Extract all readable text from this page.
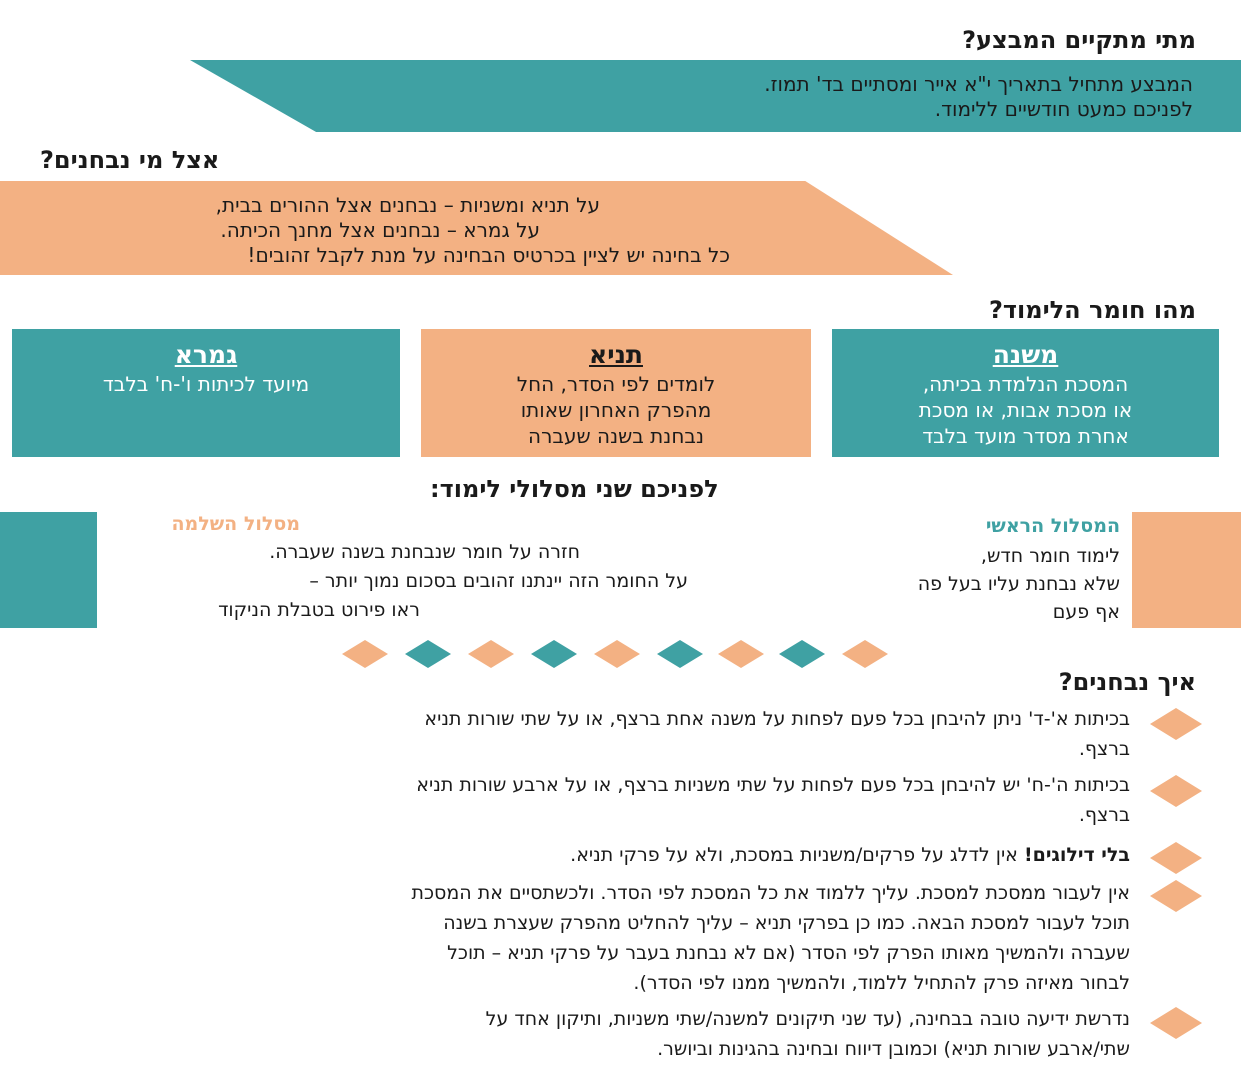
מתי מתקיים המבצע?
המבצע מתחיל בתאריך י"א אייר ומסתיים בד' תמוז.
לפניכם כמעט חודשיים ללימוד.
אצל מי נבחנים?
על תניא ומשניות – נבחנים אצל ההורים בבית,
על גמרא – נבחנים אצל מחנך הכיתה.
כל בחינה יש לציין בכרטיס הבחינה על מנת לקבל זהובים!
מהו חומר הלימוד?
משנה
המסכת הנלמדת בכיתה,
או מסכת אבות, או מסכת
אחרת מסדר מועד בלבד
תניא
לומדים לפי הסדר, החל
מהפרק האחרון שאותו
נבחנת בשנה שעברה
גמרא
מיועד לכיתות ו'-ח' בלבד
לפניכם שני מסלולי לימוד:
המסלול הראשי
לימוד חומר חדש,
שלא נבחנת עליו בעל פה
אף פעם
מסלול השלמה
חזרה על חומר שנבחנת בשנה שעברה.
על החומר הזה יינתנו זהובים בסכום נמוך יותר –
ראו פירוט בטבלת הניקוד
איך נבחנים?
בכיתות א'-ד' ניתן להיבחן בכל פעם לפחות על משנה אחת ברצף, או על שתי שורות תניא
ברצף.
בכיתות ה'-ח' יש להיבחן בכל פעם לפחות על שתי משניות ברצף, או על ארבע שורות תניא
ברצף.
בלי דילוגים! אין לדלג על פרקים/משניות במסכת, ולא על פרקי תניא.
אין לעבור ממסכת למסכת. עליך ללמוד את כל המסכת לפי הסדר. ולכשתסיים את המסכת
תוכל לעבור למסכת הבאה. כמו כן בפרקי תניא – עליך להחליט מהפרק שעצרת בשנה
שעברה ולהמשיך מאותו הפרק לפי הסדר (אם לא נבחנת בעבר על פרקי תניא – תוכל
לבחור מאיזה פרק להתחיל ללמוד, ולהמשיך ממנו לפי הסדר).
נדרשת ידיעה טובה בבחינה, (עד שני תיקונים למשנה/שתי משניות, ותיקון אחד על
שתי/ארבע שורות תניא) וכמובן דיווח ובחינה בהגינות וביושר.
